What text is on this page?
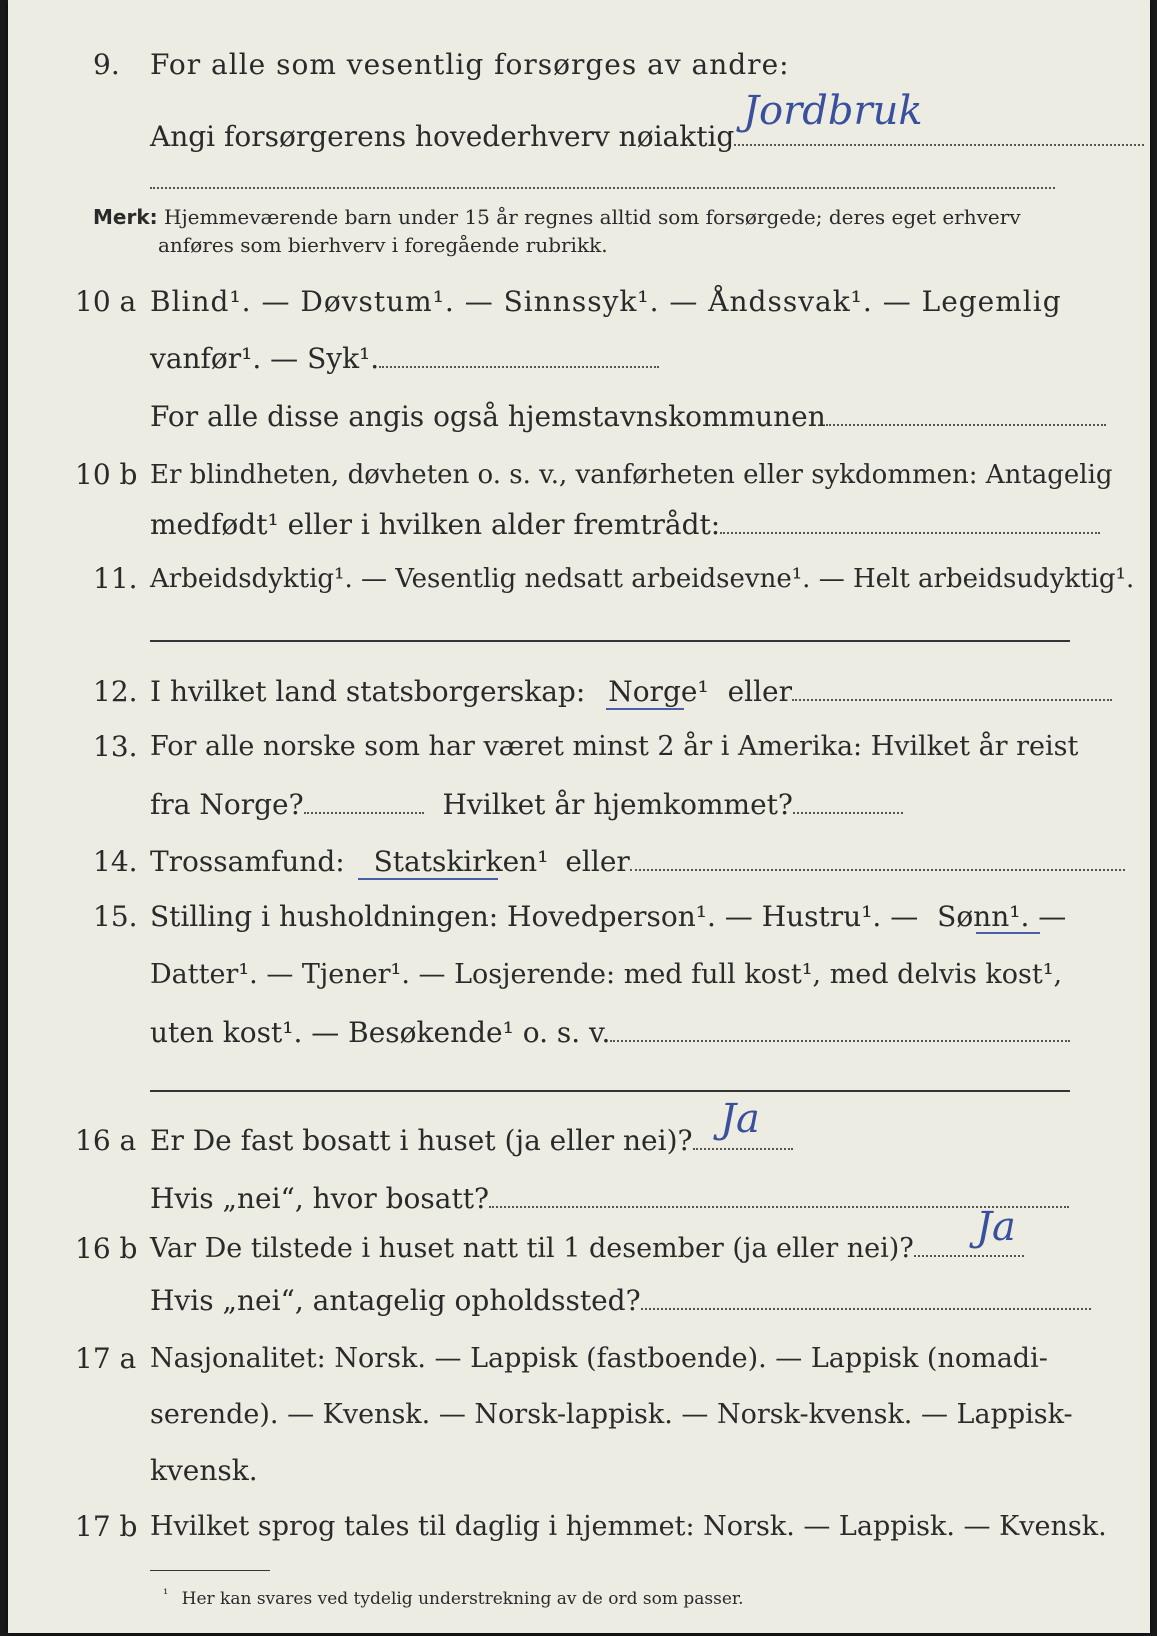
9. For alle som vesentlig forsørges av andre:
Angi forsørgerens hovederhverv nøiaktig
Jordbruk
Merk: Hjemmeværende barn under 15 år regnes alltid som forsørgede; deres eget erhverv
anføres som bierhverv i foregående rubrikk.
10 a Blind¹. — Døvstum¹. — Sinnssyk¹. — Åndssvak¹. — Legemlig
vanfør¹. — Syk¹.
For alle disse angis også hjemstavnskommunen
10 b Er blindheten, døvheten o. s. v., vanførheten eller sykdommen: Antagelig
medfødt¹ eller i hvilken alder fremtrådt:
11. Arbeidsdyktig¹. — Vesentlig nedsatt arbeidsevne¹. — Helt arbeidsudyktig¹.
12. I hvilket land statsborgerskap: Norge¹ eller
13. For alle norske som har været minst 2 år i Amerika: Hvilket år reist
fra Norge?	Hvilket år hjemkommet?
14. Trossamfund: Statskirken¹ eller
15. Stilling i husholdningen: Hovedperson¹. — Hustru¹. — Sønn¹. —
Datter¹. — Tjener¹. — Losjerende: med full kost¹, med delvis kost¹,
uten kost¹. — Besøkende¹ o. s. v.
16 a Er De fast bosatt i huset (ja eller nei)? Ja
Hvis „nei“, hvor bosatt?
16 b Var De tilstede i huset natt til 1 desember (ja eller nei)?	Ja
Hvis „nei“, antagelig opholdssted?
17 a Nasjonalitet: Norsk. — Lappisk (fastboende). — Lappisk (nomadi-
serende). — Kvensk. — Norsk-lappisk. — Norsk-kvensk. — Lappisk-
kvensk.
17 b Hvilket sprog tales til daglig i hjemmet: Norsk. — Lappisk. — Kvensk.
$^{^1}$ Her kan svares ved tydelig understrekning av de ord som passer.
